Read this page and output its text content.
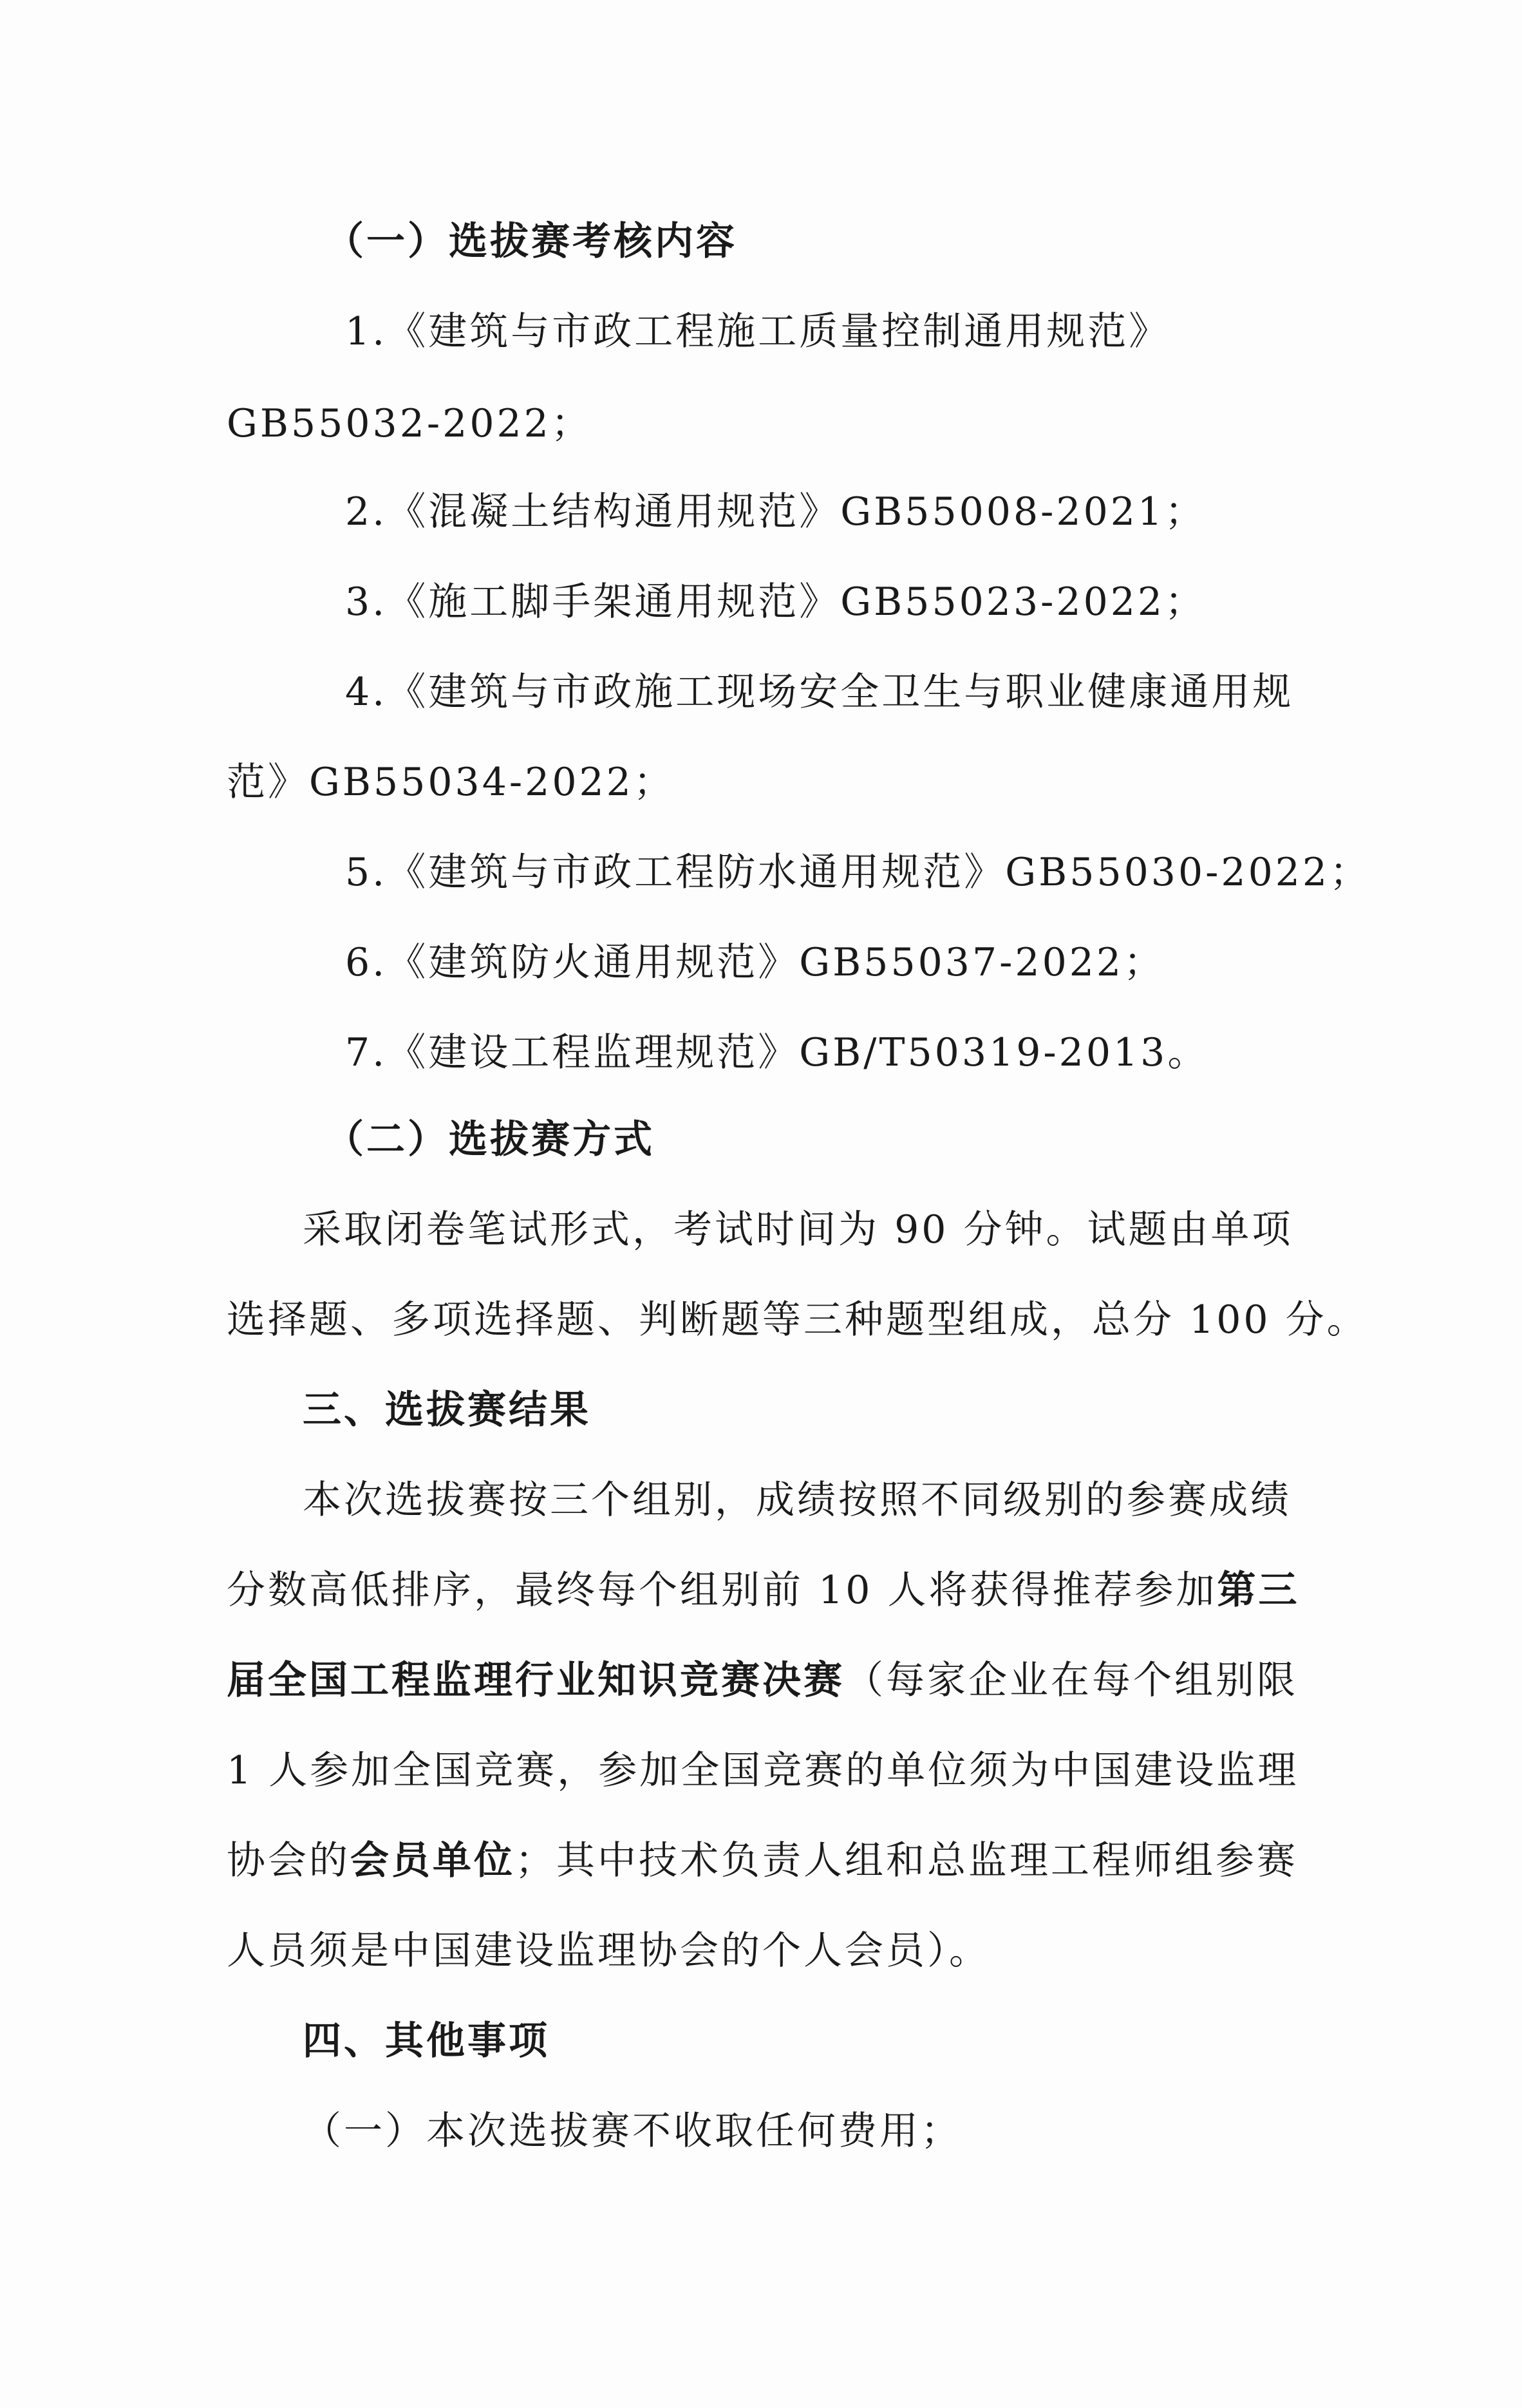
（一）选拔赛考核内容
1.《建筑与市政工程施工质量控制通用规范》
GB55032-2022；
2.《混凝土结构通用规范》GB55008-2021；
3.《施工脚手架通用规范》GB55023-2022；
4.《建筑与市政施工现场安全卫生与职业健康通用规
范》GB55034-2022；
5.《建筑与市政工程防水通用规范》GB55030-2022；
6.《建筑防火通用规范》GB55037-2022；
7.《建设工程监理规范》GB/T50319-2013。
（二）选拔赛方式
采取闭卷笔试形式，考试时间为 90 分钟。试题由单项
选择题、多项选择题、判断题等三种题型组成，总分 100 分。
三、选拔赛结果
本次选拔赛按三个组别，成绩按照不同级别的参赛成绩
分数高低排序，最终每个组别前 10 人将获得推荐参加第三
届全国工程监理行业知识竞赛决赛（每家企业在每个组别限
1 人参加全国竞赛，参加全国竞赛的单位须为中国建设监理
协会的会员单位；其中技术负责人组和总监理工程师组参赛
人员须是中国建设监理协会的个人会员）。
四、其他事项
（一）本次选拔赛不收取任何费用；
